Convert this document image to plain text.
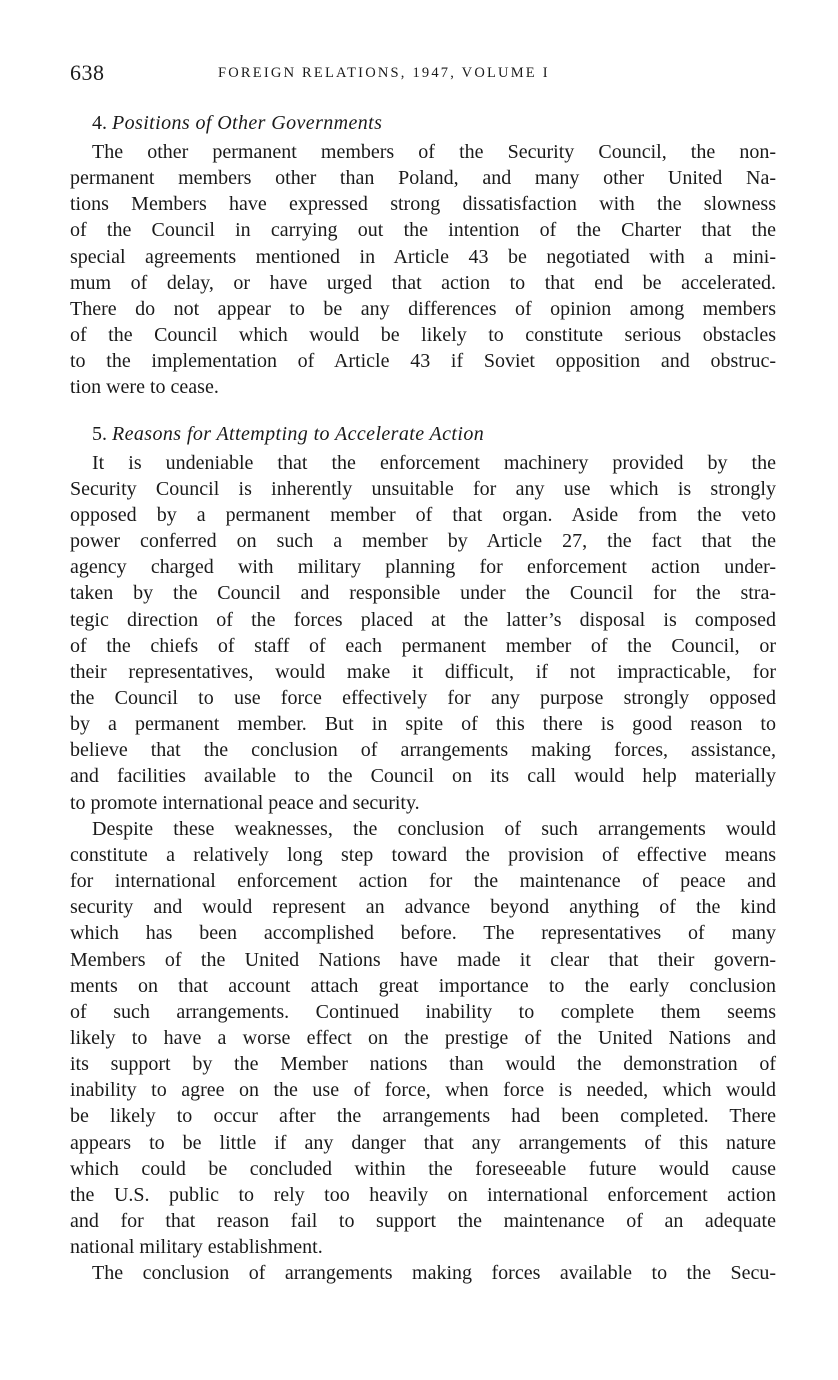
638	FOREIGN RELATIONS, 1947, VOLUME I
4. Positions of Other Governments

The other permanent members of the Security Council, the non-
permanent members other than Poland, and many other United Na-
tions Members have expressed strong dissatisfaction with the slowness
of the Council in carrying out the intention of the Charter that the
special agreements mentioned in Article 43 be negotiated with a mini-
mum of delay, or have urged that action to that end be accelerated.
There do not appear to be any differences of opinion among members
of the Council which would be likely to constitute serious obstacles
to the implementation of Article 43 if Soviet opposition and obstruc-
tion were to cease.

5. Reasons for Attempting to Accelerate Action

It is undeniable that the enforcement machinery provided by the
Security Council is inherently unsuitable for any use which is strongly
opposed by a permanent member of that organ. Aside from the veto
power conferred on such a member by Article 27, the fact that the
agency charged with military planning for enforcement action under-
taken by the Council and responsible under the Council for the stra-
tegic direction of the forces placed at the latter’s disposal is composed
of the chiefs of staff of each permanent member of the Council, or
their representatives, would make it difficult, if not impracticable, for
the Council to use force effectively for any purpose strongly opposed
by a permanent member. But in spite of this there is good reason to
believe that the conclusion of arrangements making forces, assistance,
and facilities available to the Council on its call would help materially
to promote international peace and security.

Despite these weaknesses, the conclusion of such arrangements would
constitute a relatively long step toward the provision of effective means
for international enforcement action for the maintenance of peace and
security and would represent an advance beyond anything of the kind
which has been accomplished before. The representatives of many
Members of the United Nations have made it clear that their govern-
ments on that account attach great importance to the early conclusion
of such arrangements. Continued inability to complete them seems
likely to have a worse effect on the prestige of the United Nations and
its support by the Member nations than would the demonstration of
inability to agree on the use of force, when force is needed, which would
be likely to occur after the arrangements had been completed. There
appears to be little if any danger that any arrangements of this nature
which could be concluded within the foreseeable future would cause
the U.S. public to rely too heavily on international enforcement action
and for that reason fail to support the maintenance of an adequate
national military establishment.

The conclusion of arrangements making forces available to the Secu-
